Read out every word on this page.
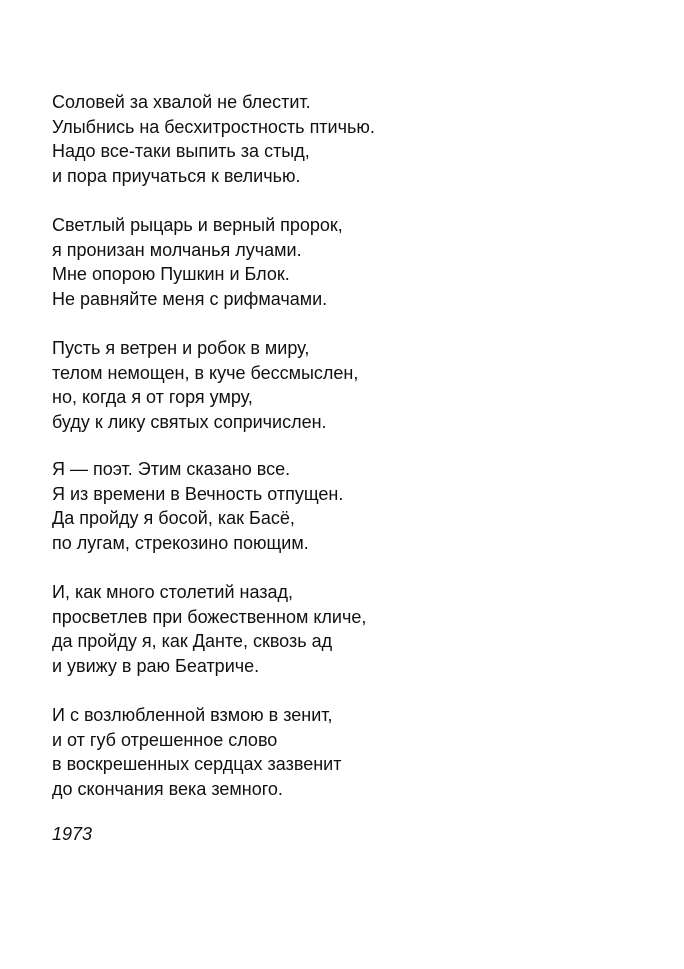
Соловей за хвалой не блестит.
Улыбнись на бесхитростность птичью.
Надо все-таки выпить за стыд,
и пора приучаться к величью.
Светлый рыцарь и верный пророк,
я пронизан молчанья лучами.
Мне опорою Пушкин и Блок.
Не равняйте меня с рифмачами.
Пусть я ветрен и робок в миру,
телом немощен, в куче бессмыслен,
но, когда я от горя умру,
буду к лику святых сопричислен.
Я — поэт. Этим сказано все.
Я из времени в Вечность отпущен.
Да пройду я босой, как Басё,
по лугам, стрекозино поющим.
И, как много столетий назад,
просветлев при божественном кличе,
да пройду я, как Данте, сквозь ад
и увижу в раю Беатриче.
И с возлюбленной взмою в зенит,
и от губ отрешенное слово
в воскрешенных сердцах зазвенит
до скончания века земного.
1973
